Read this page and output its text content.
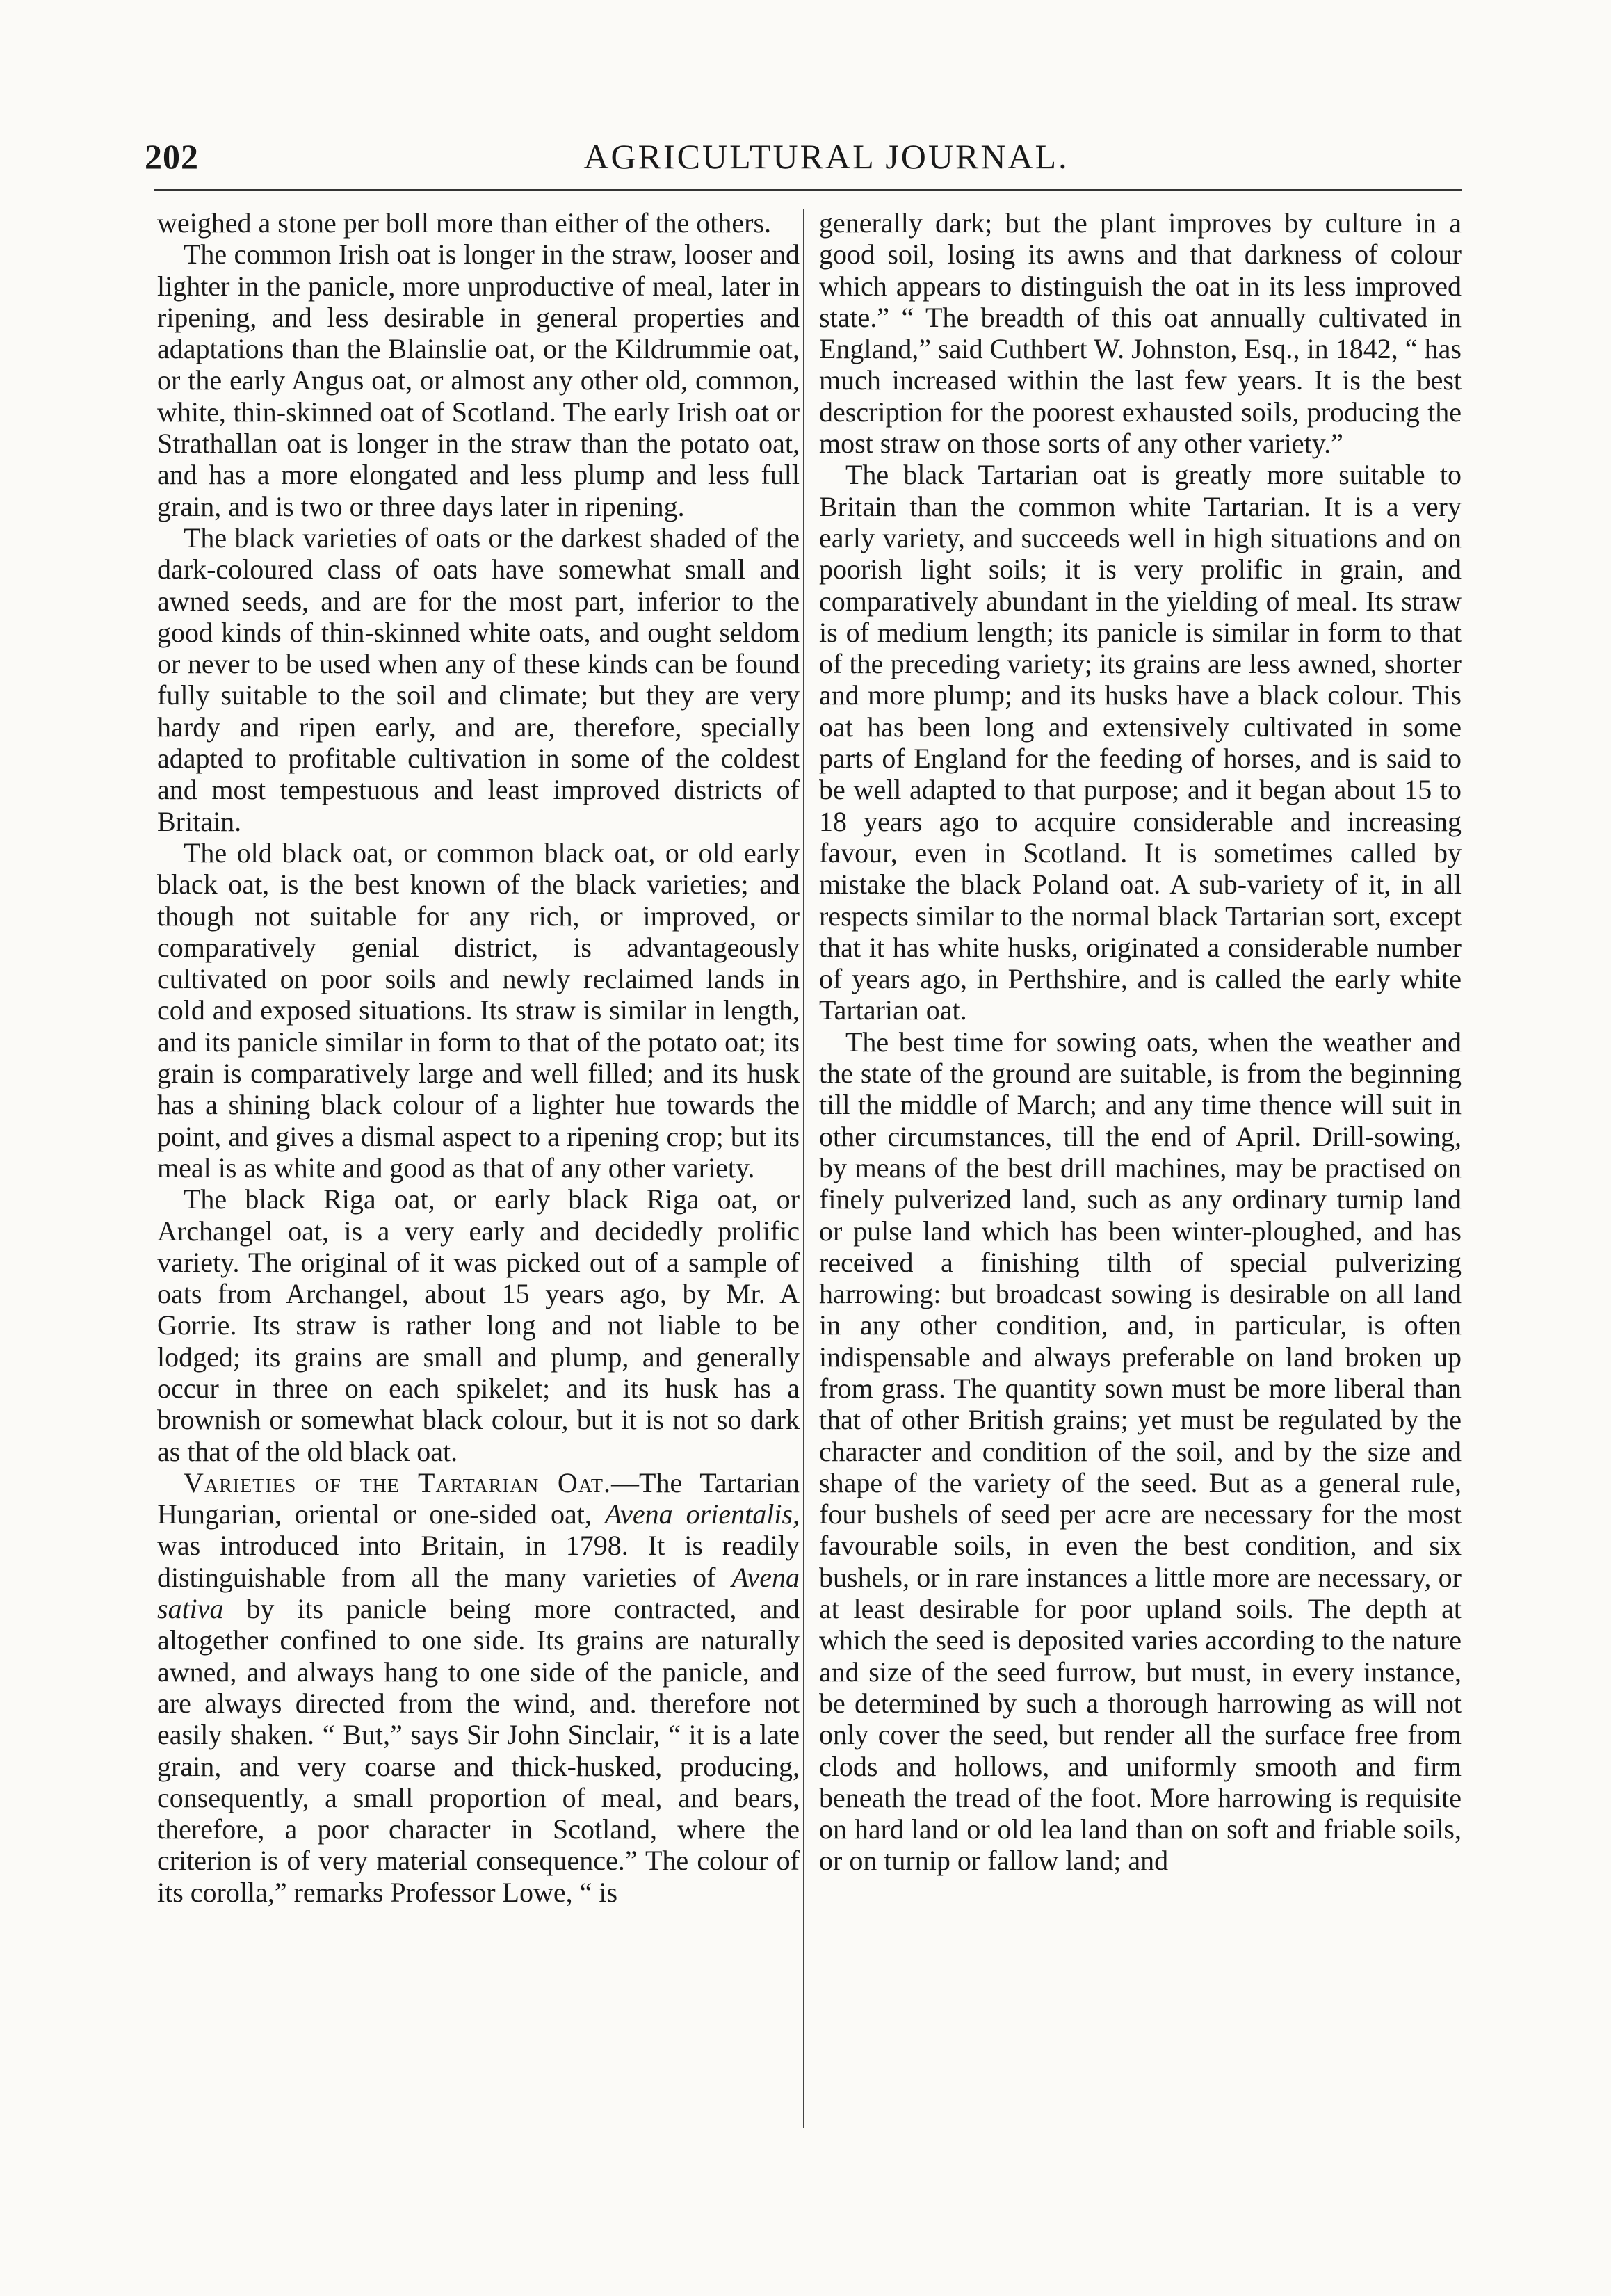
202	AGRICULTURAL JOURNAL.

weighed a stone per boll more than either of the others.

The common Irish oat is longer in the straw, looser and lighter in the panicle, more unproductive of meal, later in ripening, and less desirable in general properties and adaptations than the Blainslie oat, or the Kildrummie oat, or the early Angus oat, or almost any other old, common, white, thin-skinned oat of Scotland. The early Irish oat or Strathallan oat is longer in the straw than the potato oat, and has a more elongated and less plump and less full grain, and is two or three days later in ripening.

The black varieties of oats or the darkest shaded of the dark-coloured class of oats have somewhat small and awned seeds, and are for the most part, inferior to the good kinds of thin-skinned white oats, and ought seldom or never to be used when any of these kinds can be found fully suitable to the soil and climate; but they are very hardy and ripen early, and are, therefore, specially adapted to profitable cultivation in some of the coldest and most tempestuous and least improved districts of Britain.

The old black oat, or common black oat, or old early black oat, is the best known of the black varieties; and though not suitable for any rich, or improved, or comparatively genial district, is advantageously cultivated on poor soils and newly reclaimed lands in cold and exposed situations. Its straw is similar in length, and its panicle similar in form to that of the potato oat; its grain is comparatively large and well filled; and its husk has a shining black colour of a lighter hue towards the point, and gives a dismal aspect to a ripening crop; but its meal is as white and good as that of any other variety.

The black Riga oat, or early black Riga oat, or Archangel oat, is a very early and decidedly prolific variety. The original of it was picked out of a sample of oats from Archangel, about 15 years ago, by Mr. A Gorrie. Its straw is rather long and not liable to be lodged; its grains are small and plump, and generally occur in three on each spikelet; and its husk has a brownish or somewhat black colour, but it is not so dark as that of the old black oat.

Varieties of the Tartarian Oat.—The Tartarian Hungarian, oriental or one-sided oat, Avena orientalis, was introduced into Britain, in 1798. It is readily distinguishable from all the many varieties of Avena sativa by its panicle being more contracted, and altogether confined to one side. Its grains are naturally awned, and always hang to one side of the panicle, and are always directed from the wind, and. therefore not easily shaken. “ But,” says Sir John Sinclair, “ it is a late grain, and very coarse and thick-husked, producing, consequently, a small proportion of meal, and bears, therefore, a poor character in Scotland, where the criterion is of very material consequence.” The colour of its corolla,” remarks Professor Lowe, “ is

generally dark; but the plant improves by culture in a good soil, losing its awns and that darkness of colour which appears to distinguish the oat in its less improved state.” “ The breadth of this oat annually cultivated in England,” said Cuthbert W. Johnston, Esq., in 1842, “ has much increased within the last few years. It is the best description for the poorest exhausted soils, producing the most straw on those sorts of any other variety.”

The black Tartarian oat is greatly more suitable to Britain than the common white Tartarian. It is a very early variety, and succeeds well in high situations and on poorish light soils; it is very prolific in grain, and comparatively abundant in the yielding of meal. Its straw is of medium length; its panicle is similar in form to that of the preceding variety; its grains are less awned, shorter and more plump; and its husks have a black colour. This oat has been long and extensively cultivated in some parts of England for the feeding of horses, and is said to be well adapted to that purpose; and it began about 15 to 18 years ago to acquire considerable and increasing favour, even in Scotland. It is sometimes called by mistake the black Poland oat. A sub-variety of it, in all respects similar to the normal black Tartarian sort, except that it has white husks, originated a considerable number of years ago, in Perthshire, and is called the early white Tartarian oat.

The best time for sowing oats, when the weather and the state of the ground are suitable, is from the beginning till the middle of March; and any time thence will suit in other circumstances, till the end of April. Drill-sowing, by means of the best drill machines, may be practised on finely pulverized land, such as any ordinary turnip land or pulse land which has been winter-ploughed, and has received a finishing tilth of special pulverizing harrowing: but broadcast sowing is desirable on all land in any other condition, and, in particular, is often indispensable and always preferable on land broken up from grass. The quantity sown must be more liberal than that of other British grains; yet must be regulated by the character and condition of the soil, and by the size and shape of the variety of the seed. But as a general rule, four bushels of seed per acre are necessary for the most favourable soils, in even the best condition, and six bushels, or in rare instances a little more are necessary, or at least desirable for poor upland soils. The depth at which the seed is deposited varies according to the nature and size of the seed furrow, but must, in every instance, be determined by such a thorough harrowing as will not only cover the seed, but render all the surface free from clods and hollows, and uniformly smooth and firm beneath the tread of the foot. More harrowing is requisite on hard land or old lea land than on soft and friable soils, or on turnip or fallow land; and
